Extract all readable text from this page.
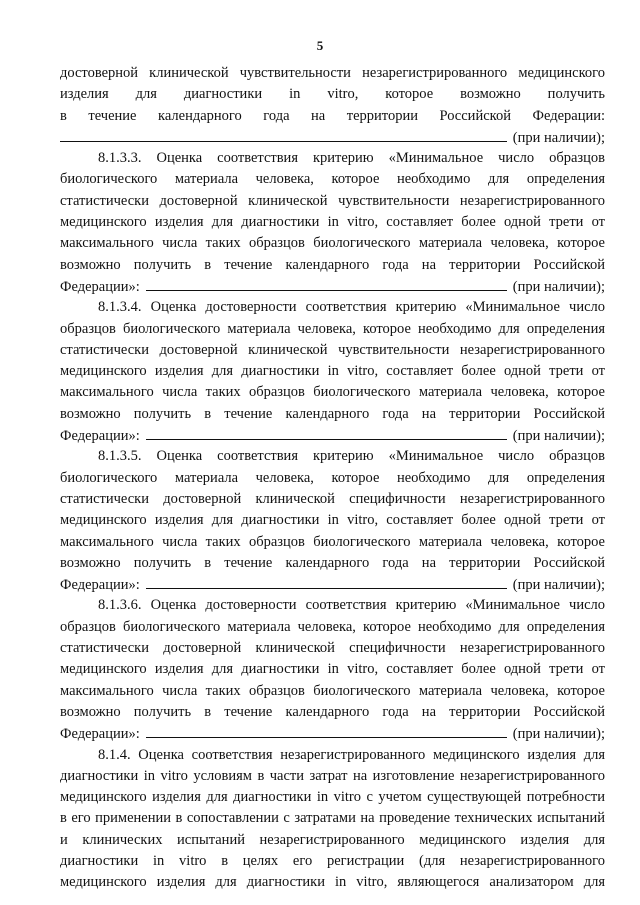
5

достоверной клинической чувствительности незарегистрированного медицинского
изделия для диагностики in vitro, которое возможно получить
в течение календарного года на территории Российской Федерации:
(при наличии);

8.1.3.3. Оценка соответствия критерию «Минимальное число образцов
биологического материала человека, которое необходимо для определения
статистически достоверной клинической чувствительности незарегистрированного
медицинского изделия для диагностики in vitro, составляет более одной трети от
максимального числа таких образцов биологического материала человека, которое
возможно получить в течение календарного года на территории Российской
Федерации»:	(при наличии);

8.1.3.4. Оценка достоверности соответствия критерию «Минимальное число
образцов биологического материала человека, которое необходимо для определения
статистически достоверной клинической чувствительности незарегистрированного
медицинского изделия для диагностики in vitro, составляет более одной трети от
максимального числа таких образцов биологического материала человека, которое
возможно получить в течение календарного года на территории Российской
Федерации»:	(при наличии);

8.1.3.5. Оценка соответствия критерию «Минимальное число образцов
биологического материала человека, которое необходимо для определения
статистически достоверной клинической специфичности незарегистрированного
медицинского изделия для диагностики in vitro, составляет более одной трети от
максимального числа таких образцов биологического материала человека, которое
возможно получить в течение календарного года на территории Российской
Федерации»:	(при наличии);

8.1.3.6. Оценка достоверности соответствия критерию «Минимальное число
образцов биологического материала человека, которое необходимо для определения
статистически достоверной клинической специфичности незарегистрированного
медицинского изделия для диагностики in vitro, составляет более одной трети от
максимального числа таких образцов биологического материала человека, которое
возможно получить в течение календарного года на территории Российской
Федерации»:	(при наличии);

8.1.4. Оценка соответствия незарегистрированного медицинского изделия для
диагностики in vitro условиям в части затрат на изготовление незарегистрированного
медицинского изделия для диагностики in vitro с учетом существующей потребности
в его применении в сопоставлении с затратами на проведение технических испытаний
и клинических испытаний незарегистрированного медицинского изделия для
диагностики in vitro в целях его регистрации (для незарегистрированного
медицинского изделия для диагностики in vitro, являющегося анализатором для
